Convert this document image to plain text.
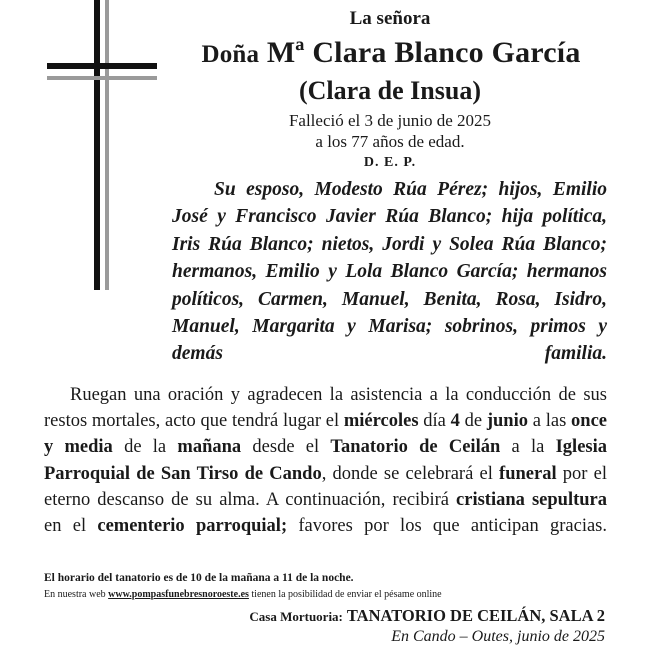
La señora
Doña Mª Clara Blanco García
(Clara de Insua)
Falleció el 3 de junio de 2025
a los 77 años de edad.
D. E. P.
Su esposo, Modesto Rúa Pérez; hijos, Emilio José y Francisco Javier Rúa Blanco; hija política, Iris Rúa Blanco; nietos, Jordi y Solea Rúa Blanco; hermanos, Emilio y Lola Blanco García; hermanos políticos, Carmen, Manuel, Benita, Rosa, Isidro, Manuel, Margarita y Marisa; sobrinos, primos y demás familia.
Ruegan una oración y agradecen la asistencia a la conducción de sus restos mortales, acto que tendrá lugar el miércoles día 4 de junio a las once y media de la mañana desde el Tanatorio de Ceilán a la Iglesia Parroquial de San Tirso de Cando, donde se celebrará el funeral por el eterno descanso de su alma. A continuación, recibirá cristiana sepultura en el cementerio parroquial; favores por los que anticipan gracias.
El horario del tanatorio es de 10 de la mañana a 11 de la noche.
En nuestra web www.pompasfunebresnoroeste.es tienen la posibilidad de enviar el pésame online
Casa Mortuoria: TANATORIO DE CEILÁN, SALA 2
En Cando – Outes, junio de 2025
